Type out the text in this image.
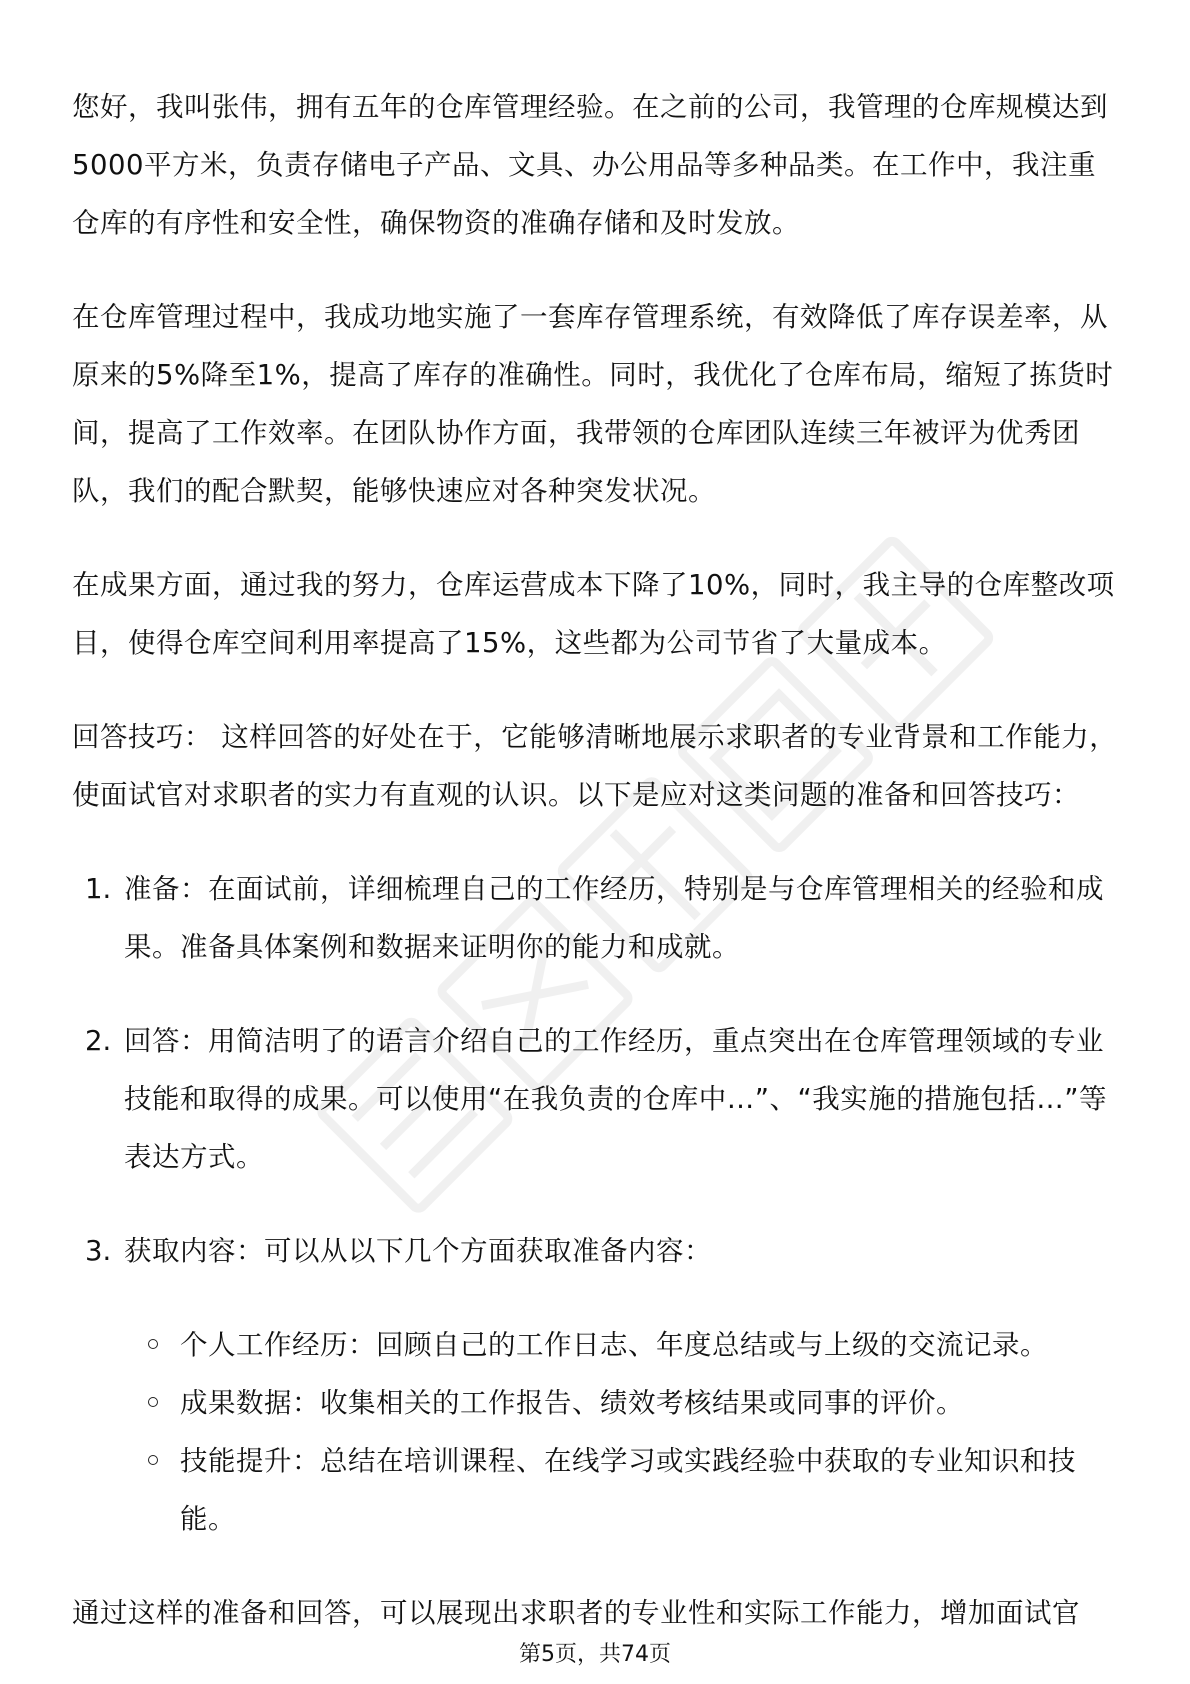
您好，我叫张伟，拥有五年的仓库管理经验。在之前的公司，我管理的仓库规模达到5000平方米，负责存储电子产品、文具、办公用品等多种品类。在工作中，我注重仓库的有序性和安全性，确保物资的准确存储和及时发放。

在仓库管理过程中，我成功地实施了一套库存管理系统，有效降低了库存误差率，从原来的5%降至1%，提高了库存的准确性。同时，我优化了仓库布局，缩短了拣货时间，提高了工作效率。在团队协作方面，我带领的仓库团队连续三年被评为优秀团队，我们的配合默契，能够快速应对各种突发状况。

在成果方面，通过我的努力，仓库运营成本下降了10%，同时，我主导的仓库整改项目，使得仓库空间利用率提高了15%，这些都为公司节省了大量成本。

回答技巧： 这样回答的好处在于，它能够清晰地展示求职者的专业背景和工作能力，使面试官对求职者的实力有直观的认识。以下是应对这类问题的准备和回答技巧：

1. 准备：在面试前，详细梳理自己的工作经历，特别是与仓库管理相关的经验和成果。准备具体案例和数据来证明你的能力和成就。
2. 回答：用简洁明了的语言介绍自己的工作经历，重点突出在仓库管理领域的专业技能和取得的成果。可以使用“在我负责的仓库中…”、“我实施的措施包括…”等表达方式。
3. 获取内容：可以从以下几个方面获取准备内容：
个人工作经历：回顾自己的工作日志、年度总结或与上级的交流记录。
成果数据：收集相关的工作报告、绩效考核结果或同事的评价。
技能提升：总结在培训课程、在线学习或实践经验中获取的专业知识和技能。

通过这样的准备和回答，可以展现出求职者的专业性和实际工作能力，增加面试官

第5页，共74页
